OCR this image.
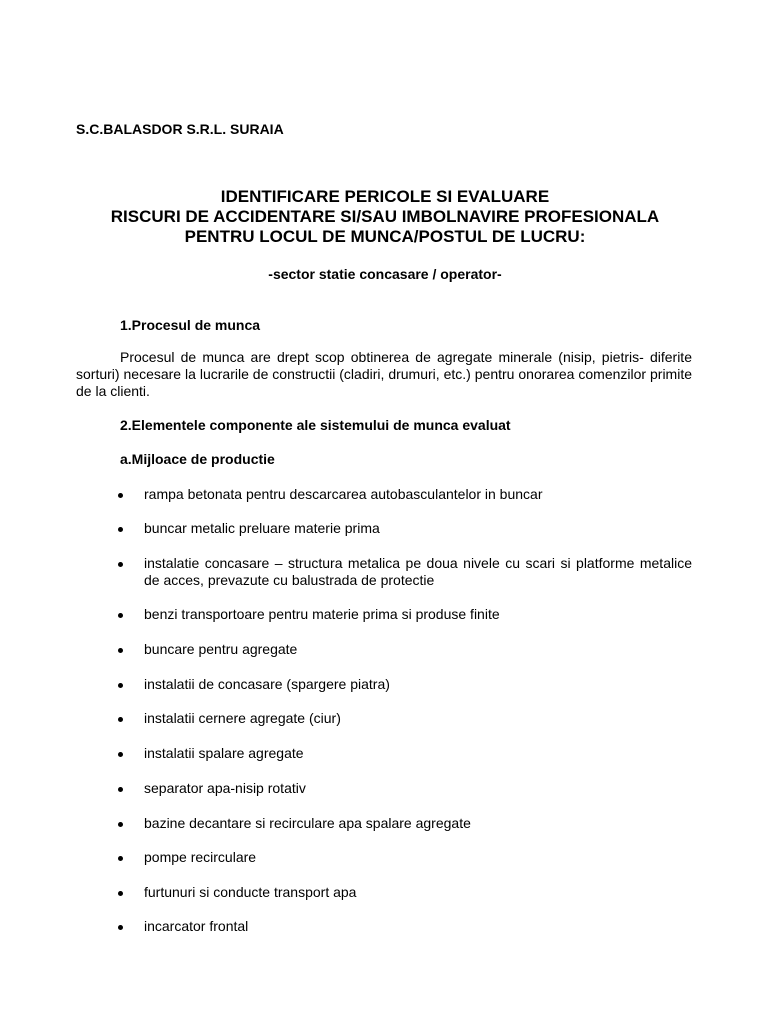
S.C.BALASDOR S.R.L. SURAIA
IDENTIFICARE PERICOLE SI EVALUARE
RISCURI DE ACCIDENTARE SI/SAU IMBOLNAVIRE PROFESIONALA
PENTRU LOCUL DE MUNCA/POSTUL DE LUCRU:
-sector statie concasare / operator-
1.Procesul de munca
Procesul de munca are drept scop obtinerea de agregate minerale (nisip, pietris- diferite sorturi) necesare la lucrarile de constructii (cladiri, drumuri, etc.) pentru onorarea comenzilor primite de la clienti.
2.Elementele componente ale sistemului de munca evaluat
a.Mijloace de productie
rampa betonata pentru descarcarea autobasculantelor in buncar
buncar metalic preluare materie prima
instalatie concasare – structura metalica pe doua nivele cu scari si platforme metalice de acces, prevazute cu balustrada de protectie
benzi transportoare pentru materie prima si produse finite
buncare pentru agregate
instalatii de concasare (spargere piatra)
instalatii cernere agregate (ciur)
instalatii spalare agregate
separator apa-nisip rotativ
bazine decantare si recirculare apa spalare agregate
pompe recirculare
furtunuri si conducte transport apa
incarcator frontal
